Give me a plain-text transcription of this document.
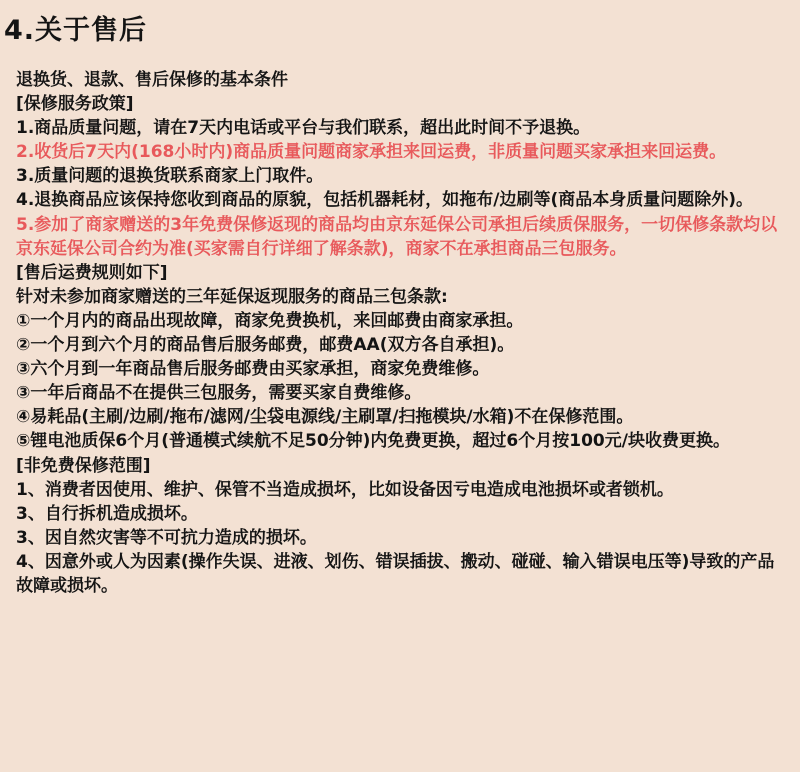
4.关于售后
退换货、退款、售后保修的基本条件
[保修服务政策]
1.商品质量问题，请在7天内电话或平台与我们联系，超出此时间不予退换。
2.收货后7天内(168小时内)商品质量问题商家承担来回运费，非质量问题买家承担来回运费。
3.质量问题的退换货联系商家上门取件。
4.退换商品应该保持您收到商品的原貌，包括机器耗材，如拖布/边刷等(商品本身质量问题除外)。
5.参加了商家赠送的3年免费保修返现的商品均由京东延保公司承担后续质保服务，一切保修条款均以京东延保公司合约为准(买家需自行详细了解条款)，商家不在承担商品三包服务。
[售后运费规则如下]
针对未参加商家赠送的三年延保返现服务的商品三包条款:
①一个月内的商品出现故障，商家免费换机，来回邮费由商家承担。
②一个月到六个月的商品售后服务邮费，邮费AA(双方各自承担)。
③六个月到一年商品售后服务邮费由买家承担，商家免费维修。
③一年后商品不在提供三包服务，需要买家自费维修。
④易耗品(主刷/边刷/拖布/滤网/尘袋电源线/主刷罩/扫拖模块/水箱)不在保修范围。
⑤锂电池质保6个月(普通模式续航不足50分钟)内免费更换，超过6个月按100元/块收费更换。
[非免费保修范围]
1、消费者因使用、维护、保管不当造成损坏，比如设备因亏电造成电池损坏或者锁机。
3、自行拆机造成损坏。
3、因自然灾害等不可抗力造成的损坏。
4、因意外或人为因素(操作失误、进液、划伤、错误插拔、搬动、碰碰、输入错误电压等)导致的产品故障或损坏。
